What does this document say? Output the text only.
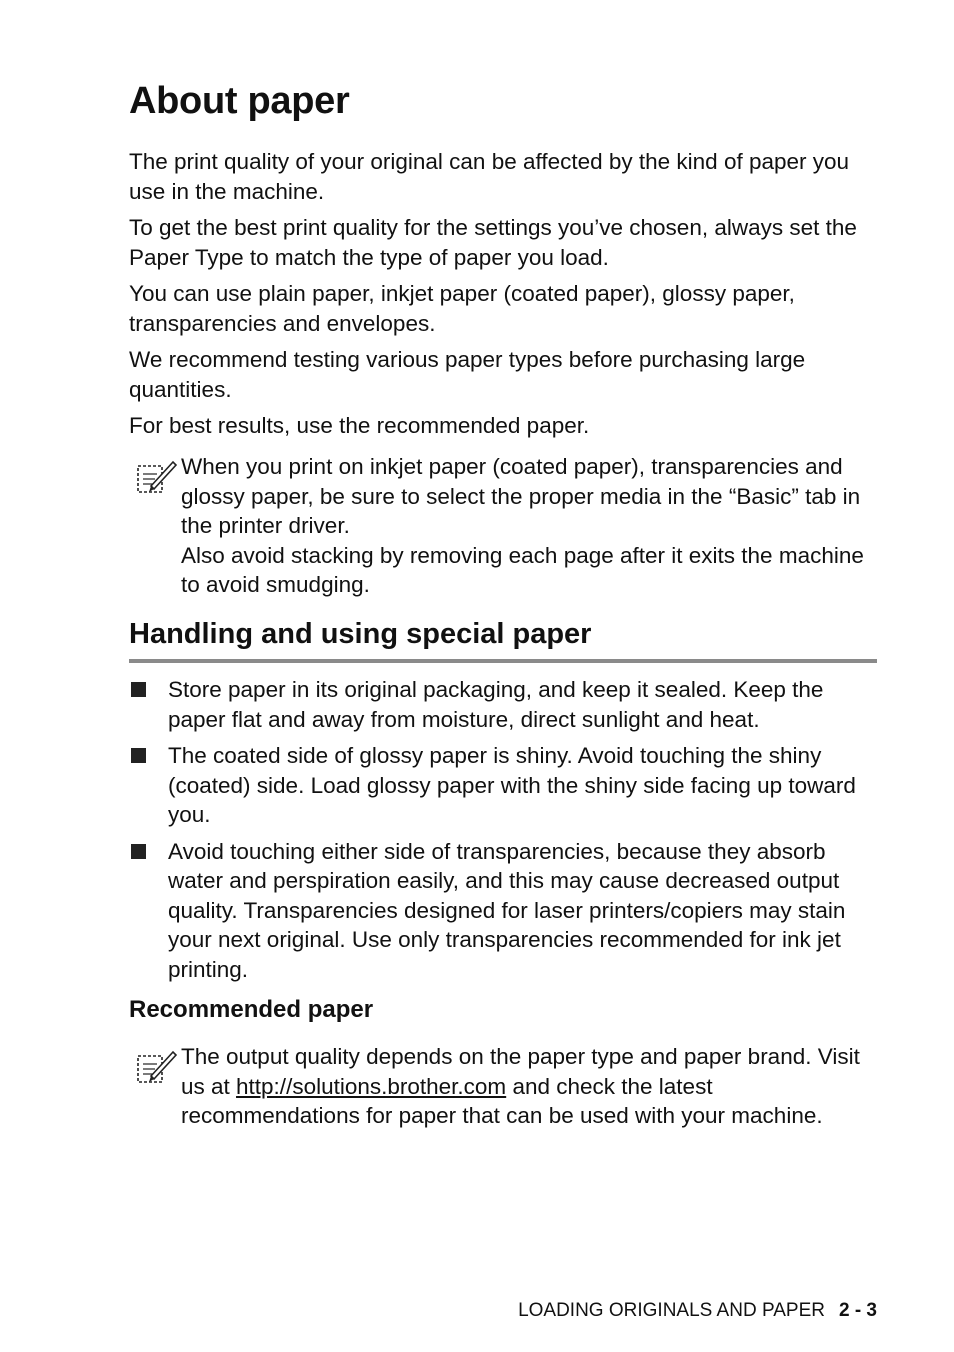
About paper

The print quality of your original can be affected by the kind of paper you use in the machine.

To get the best print quality for the settings you’ve chosen, always set the Paper Type to match the type of paper you load.

You can use plain paper, inkjet paper (coated paper), glossy paper, transparencies and envelopes.

We recommend testing various paper types before purchasing large quantities.

For best results, use the recommended paper.

When you print on inkjet paper (coated paper), transparencies and glossy paper, be sure to select the proper media in the “Basic” tab in the printer driver.

Also avoid stacking by removing each page after it exits the machine to avoid smudging.

Handling and using special paper
Store paper in its original packaging, and keep it sealed. Keep the paper flat and away from moisture, direct sunlight and heat.
The coated side of glossy paper is shiny. Avoid touching the shiny (coated) side. Load glossy paper with the shiny side facing up toward you.
Avoid touching either side of transparencies, because they absorb water and perspiration easily, and this may cause decreased output quality. Transparencies designed for laser printers/copiers may stain your next original. Use only transparencies recommended for ink jet printing.
Recommended paper

The output quality depends on the paper type and paper brand. Visit us at http://solutions.brother.com and check the latest recommendations for paper that can be used with your machine.

LOADING ORIGINALS AND PAPER 2 - 3
